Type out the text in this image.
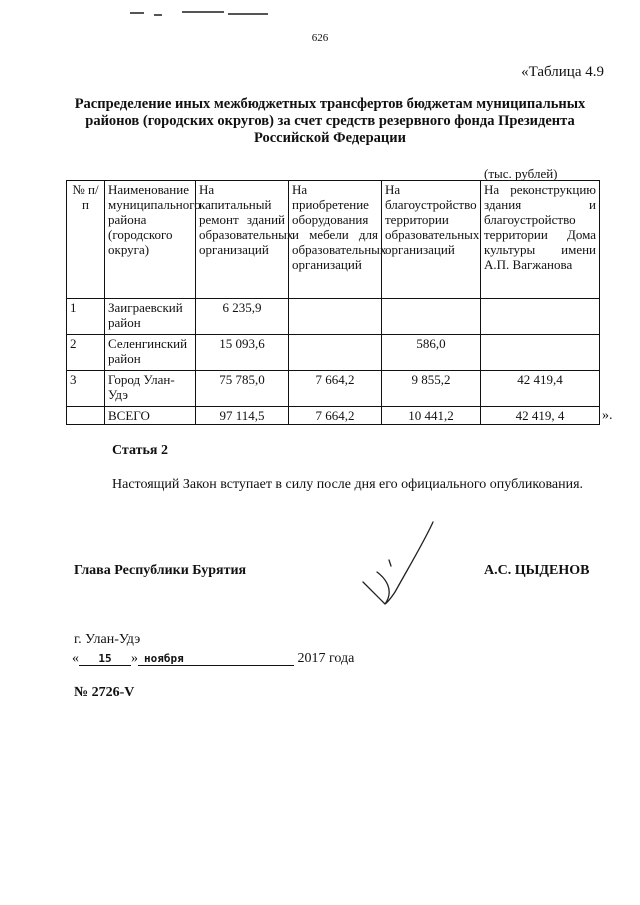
626
«Таблица 4.9
Распределение иных межбюджетных трансфертов бюджетам муниципальных районов (городских округов) за счет средств резервного фонда Президента Российской Федерации
(тыс. рублей)
№ п/п	Наименование муниципального района (городского округа)	На капитальный ремонт зданий образовательных организаций	На приобретение оборудования и мебели для образовательных организаций	На благоустройство территории образовательных организаций	На реконструкцию здания и благоустройство территории Дома культуры имени А.П. Вагжанова
1	Заиграевский район	6 235,9			
2	Селенгинский район	15 093,6		586,0	
3	Город Улан-Удэ	75 785,0	7 664,2	9 855,2	42 419,4
	ВСЕГО	97 114,5	7 664,2	10 441,2	42 419, 4	».
Статья 2
Настоящий Закон вступает в силу после дня его официального опубликования.
Глава Республики Бурятия	А.С. ЦЫДЕНОВ
г. Улан-Удэ
« 15 » ноября	2017 года
№ 2726-V
